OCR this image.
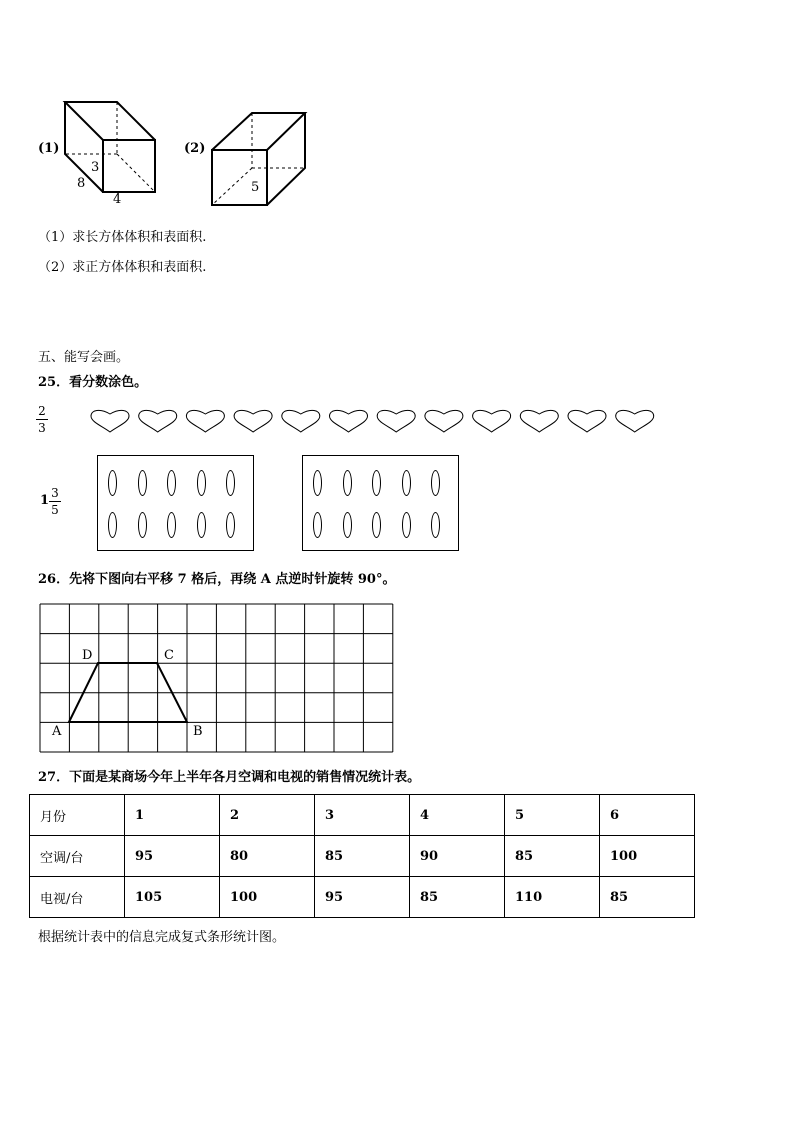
(1)	(2)
3
8
4
5
（1）求长方体体积和表面积.
（2）求正方体体积和表面积.
五、能写会画。
25．看分数涂色。
2
3
1 3
5
26．先将下图向右平移 7 格后，再绕 A 点逆时针旋转 90°。
A	B
C
D
27．下面是某商场今年上半年各月空调和电视的销售情况统计表。
月份	1	2	3	4	5	6
空调/台	95	80	85	90	85	100
电视/台	105	100	95	85	110	85
根据统计表中的信息完成复式条形统计图。
